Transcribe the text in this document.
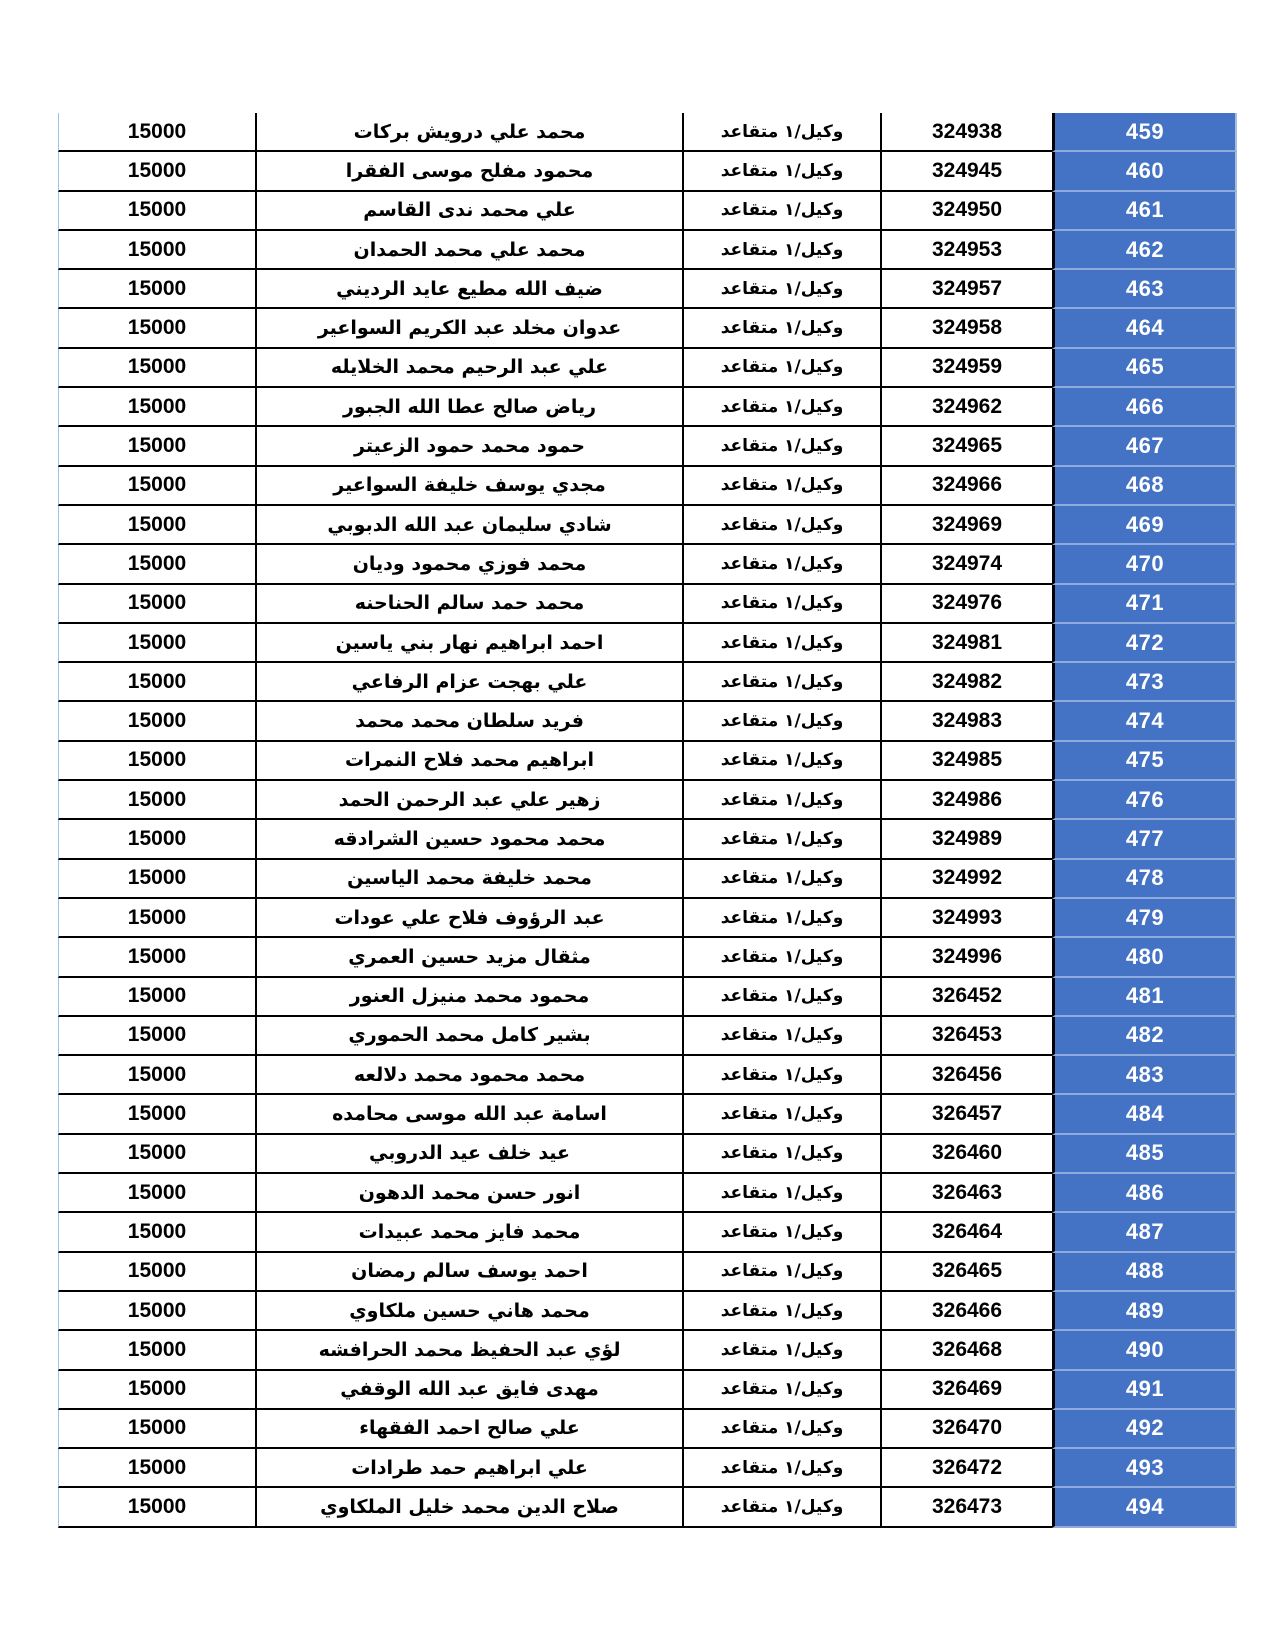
459
324938
وكيل/١ متقاعد
محمد علي درويش بركات
15000
460
324945
وكيل/١ متقاعد
محمود مفلح موسى الفقرا
15000
461
324950
وكيل/١ متقاعد
علي محمد ندى القاسم
15000
462
324953
وكيل/١ متقاعد
محمد علي محمد الحمدان
15000
463
324957
وكيل/١ متقاعد
ضيف الله مطيع عايد الرديني
15000
464
324958
وكيل/١ متقاعد
عدوان مخلد عبد الكريم السواعير
15000
465
324959
وكيل/١ متقاعد
علي عبد الرحيم محمد الخلايله
15000
466
324962
وكيل/١ متقاعد
رياض صالح عطا الله الجبور
15000
467
324965
وكيل/١ متقاعد
حمود محمد حمود الزعيتر
15000
468
324966
وكيل/١ متقاعد
مجدي يوسف خليفة السواعير
15000
469
324969
وكيل/١ متقاعد
شادي سليمان عبد الله الدبوبي
15000
470
324974
وكيل/١ متقاعد
محمد فوزي محمود وديان
15000
471
324976
وكيل/١ متقاعد
محمد حمد سالم الحناحنه
15000
472
324981
وكيل/١ متقاعد
احمد ابراهيم نهار بني ياسين
15000
473
324982
وكيل/١ متقاعد
علي بهجت عزام الرفاعي
15000
474
324983
وكيل/١ متقاعد
فريد سلطان محمد محمد
15000
475
324985
وكيل/١ متقاعد
ابراهيم محمد فلاح النمرات
15000
476
324986
وكيل/١ متقاعد
زهير علي عبد الرحمن الحمد
15000
477
324989
وكيل/١ متقاعد
محمد محمود حسين الشرادقه
15000
478
324992
وكيل/١ متقاعد
محمد خليفة محمد الياسين
15000
479
324993
وكيل/١ متقاعد
عبد الرؤوف فلاح علي عودات
15000
480
324996
وكيل/١ متقاعد
مثقال مزيد حسين العمري
15000
481
326452
وكيل/١ متقاعد
محمود محمد منيزل العنور
15000
482
326453
وكيل/١ متقاعد
بشير كامل محمد الحموري
15000
483
326456
وكيل/١ متقاعد
محمد محمود محمد دلالعه
15000
484
326457
وكيل/١ متقاعد
اسامة عبد الله موسى محامده
15000
485
326460
وكيل/١ متقاعد
عيد خلف عيد الدروبي
15000
486
326463
وكيل/١ متقاعد
انور حسن محمد الدهون
15000
487
326464
وكيل/١ متقاعد
محمد فايز محمد عبيدات
15000
488
326465
وكيل/١ متقاعد
احمد يوسف سالم رمضان
15000
489
326466
وكيل/١ متقاعد
محمد هاني حسين ملكاوي
15000
490
326468
وكيل/١ متقاعد
لؤي عبد الحفيظ محمد الحرافشه
15000
491
326469
وكيل/١ متقاعد
مهدى فايق عبد الله الوقفي
15000
492
326470
وكيل/١ متقاعد
علي صالح احمد الفقهاء
15000
493
326472
وكيل/١ متقاعد
علي ابراهيم حمد طرادات
15000
494
326473
وكيل/١ متقاعد
صلاح الدين محمد خليل الملكاوي
15000
